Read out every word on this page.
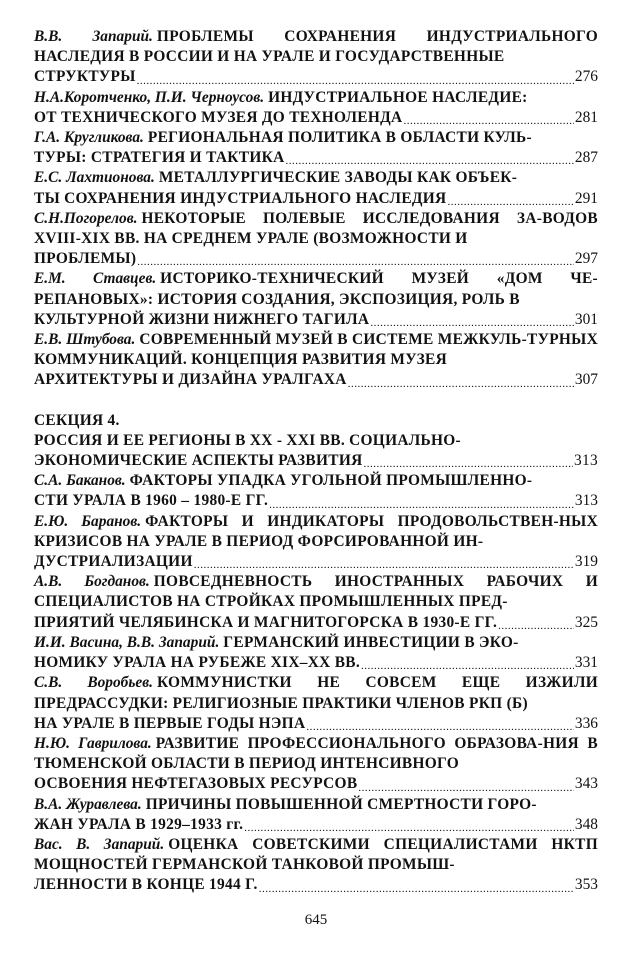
В.В. Запарий. ПРОБЛЕМЫ СОХРАНЕНИЯ ИНДУСТРИАЛЬНОГО НАСЛЕДИЯ В РОССИИ И НА УРАЛЕ И ГОСУДАРСТВЕННЫЕ
СТРУКТУРЫ .....	276
Н.А.Коротченко, П.И. Черноусов. ИНДУСТРИАЛЬНОЕ НАСЛЕДИЕ:
ОТ ТЕХНИЧЕСКОГО МУЗЕЯ ДО ТЕХНОЛЕНДА .....	281
Г.А. Кругликова. РЕГИОНАЛЬНАЯ ПОЛИТИКА В ОБЛАСТИ КУЛЬ-
ТУРЫ: СТРАТЕГИЯ И ТАКТИКА .....	287
Е.С. Лахтионова. МЕТАЛЛУРГИЧЕСКИЕ ЗАВОДЫ КАК ОБЪЕК-
ТЫ СОХРАНЕНИЯ ИНДУСТРИАЛЬНОГО НАСЛЕДИЯ .....	291
С.Н.Погорелов. НЕКОТОРЫЕ ПОЛЕВЫЕ ИССЛЕДОВАНИЯ ЗА-ВОДОВ XVIII-XIX ВВ. НА СРЕДНЕМ УРАЛЕ (ВОЗМОЖНОСТИ И
ПРОБЛЕМЫ) .....	297
Е.М. Ставцев. ИСТОРИКО-ТЕХНИЧЕСКИЙ МУЗЕЙ «ДОМ ЧЕ-РЕПАНОВЫХ»: ИСТОРИЯ СОЗДАНИЯ, ЭКСПОЗИЦИЯ, РОЛЬ В
КУЛЬТУРНОЙ ЖИЗНИ НИЖНЕГО ТАГИЛА .....	301
Е.В. Штубова. СОВРЕМЕННЫЙ МУЗЕЙ В СИСТЕМЕ МЕЖКУЛЬ-ТУРНЫХ КОММУНИКАЦИЙ. КОНЦЕПЦИЯ РАЗВИТИЯ МУЗЕЯ
АРХИТЕКТУРЫ И ДИЗАЙНА УРАЛГАХА .....	307
СЕКЦИЯ 4.
РОССИЯ И ЕЕ РЕГИОНЫ В XX - XXI ВВ. СОЦИАЛЬНО-
ЭКОНОМИЧЕСКИЕ АСПЕКТЫ РАЗВИТИЯ .....	313
С.А. Баканов. ФАКТОРЫ УПАДКА УГОЛЬНОЙ ПРОМЫШЛЕННО-
СТИ УРАЛА В 1960 – 1980-Е ГГ. .....	313
Е.Ю. Баранов. ФАКТОРЫ И ИНДИКАТОРЫ ПРОДОВОЛЬСТВЕН-НЫХ КРИЗИСОВ НА УРАЛЕ В ПЕРИОД ФОРСИРОВАННОЙ ИН-
ДУСТРИАЛИЗАЦИИ .....	319
А.В. Богданов. ПОВСЕДНЕВНОСТЬ ИНОСТРАННЫХ РАБОЧИХ И СПЕЦИАЛИСТОВ НА СТРОЙКАХ ПРОМЫШЛЕННЫХ ПРЕД-
ПРИЯТИЙ ЧЕЛЯБИНСКА И МАГНИТОГОРСКА В 1930-Е ГГ. .....	325
И.И. Васина, В.В. Запарий. ГЕРМАНСКИЙ ИНВЕСТИЦИИ В ЭКО-
НОМИКУ УРАЛА НА РУБЕЖЕ XIX–XX ВВ. .....	331
С.В. Воробьев. КОММУНИСТКИ НЕ СОВСЕМ ЕЩЕ ИЗЖИЛИ ПРЕДРАССУДКИ: РЕЛИГИОЗНЫЕ ПРАКТИКИ ЧЛЕНОВ РКП (Б)
НА УРАЛЕ В ПЕРВЫЕ ГОДЫ НЭПА .....	336
Н.Ю. Гаврилова. РАЗВИТИЕ ПРОФЕССИОНАЛЬНОГО ОБРАЗОВА-НИЯ В ТЮМЕНСКОЙ ОБЛАСТИ В ПЕРИОД ИНТЕНСИВНОГО
ОСВОЕНИЯ НЕФТЕГАЗОВЫХ РЕСУРСОВ .....	343
В.А. Журавлева. ПРИЧИНЫ ПОВЫШЕННОЙ СМЕРТНОСТИ ГОРО-
ЖАН УРАЛА В 1929–1933 гг. .....	348
Вас. В. Запарий. ОЦЕНКА СОВЕТСКИМИ СПЕЦИАЛИСТАМИ НКТП МОЩНОСТЕЙ ГЕРМАНСКОЙ ТАНКОВОЙ ПРОМЫШ-
ЛЕННОСТИ В КОНЦЕ 1944 Г. .....	353
645
